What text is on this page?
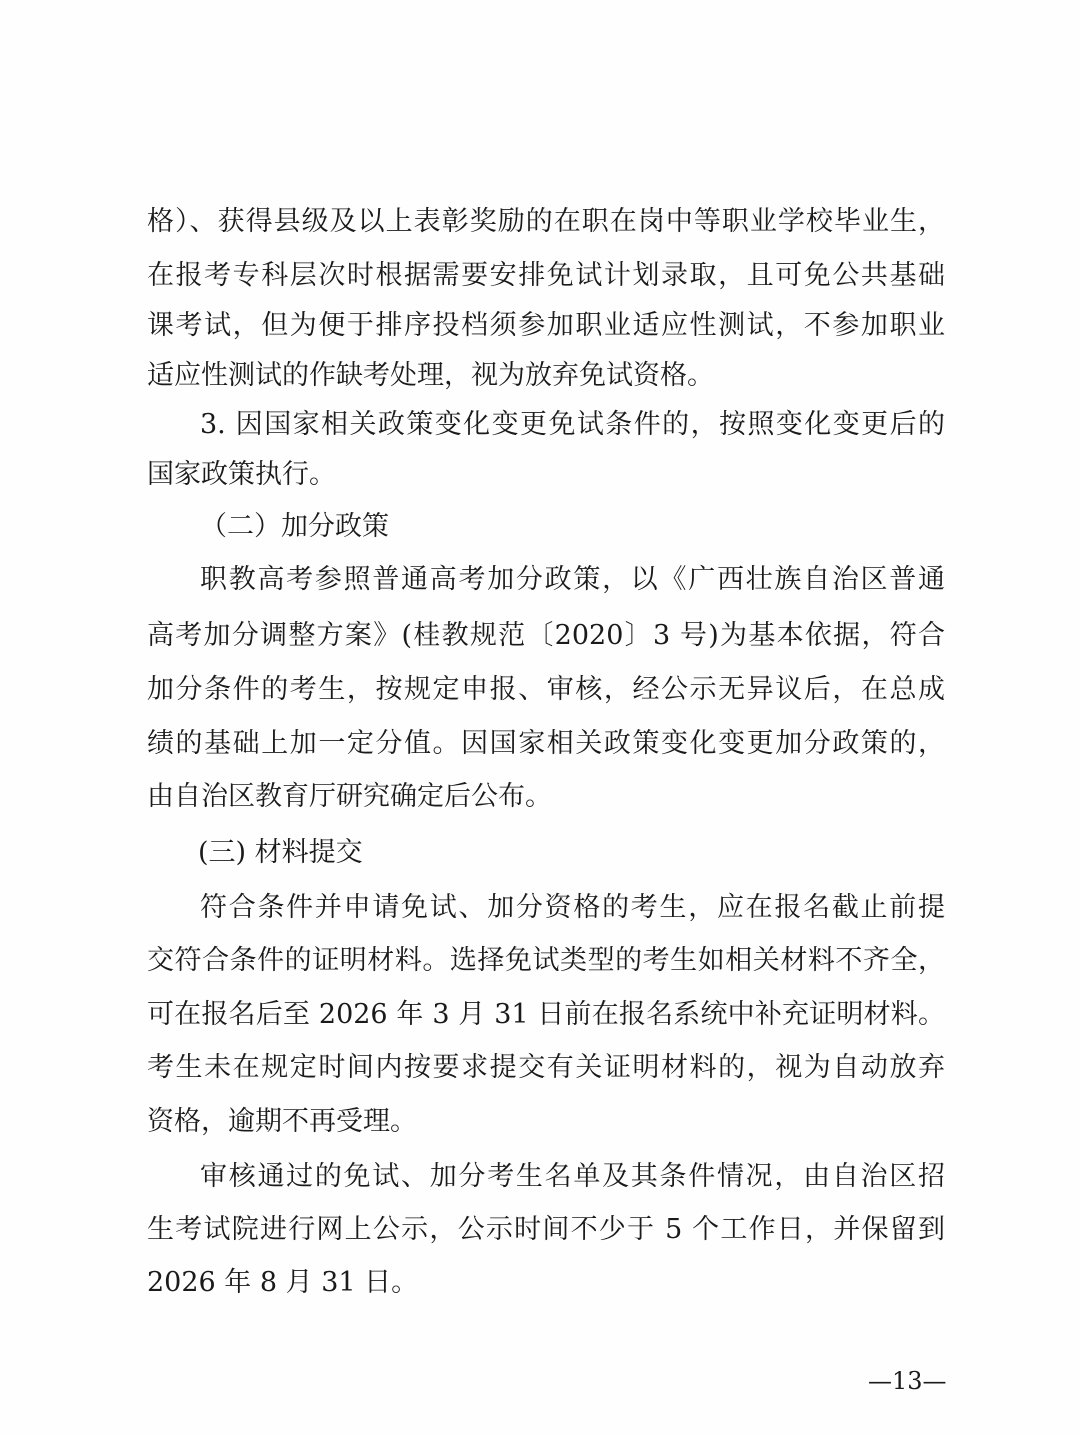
格）、获得县级及以上表彰奖励的在职在岗中等职业学校毕业生，
在报考专科层次时根据需要安排免试计划录取，且可免公共基础
课考试，但为便于排序投档须参加职业适应性测试，不参加职业
适应性测试的作缺考处理，视为放弃免试资格。
3. 因国家相关政策变化变更免试条件的，按照变化变更后的
国家政策执行。
（二）加分政策
职教高考参照普通高考加分政策，以《广西壮族自治区普通
高考加分调整方案》(桂教规范〔2020〕3 号)为基本依据，符合
加分条件的考生，按规定申报、审核，经公示无异议后，在总成
绩的基础上加一定分值。因国家相关政策变化变更加分政策的，
由自治区教育厅研究确定后公布。
(三) 材料提交
符合条件并申请免试、加分资格的考生，应在报名截止前提
交符合条件的证明材料。选择免试类型的考生如相关材料不齐全，
可在报名后至 2026 年 3 月 31 日前在报名系统中补充证明材料。
考生未在规定时间内按要求提交有关证明材料的，视为自动放弃
资格，逾期不再受理。
审核通过的免试、加分考生名单及其条件情况，由自治区招
生考试院进行网上公示，公示时间不少于 5 个工作日，并保留到
2026 年 8 月 31 日。
—13—
